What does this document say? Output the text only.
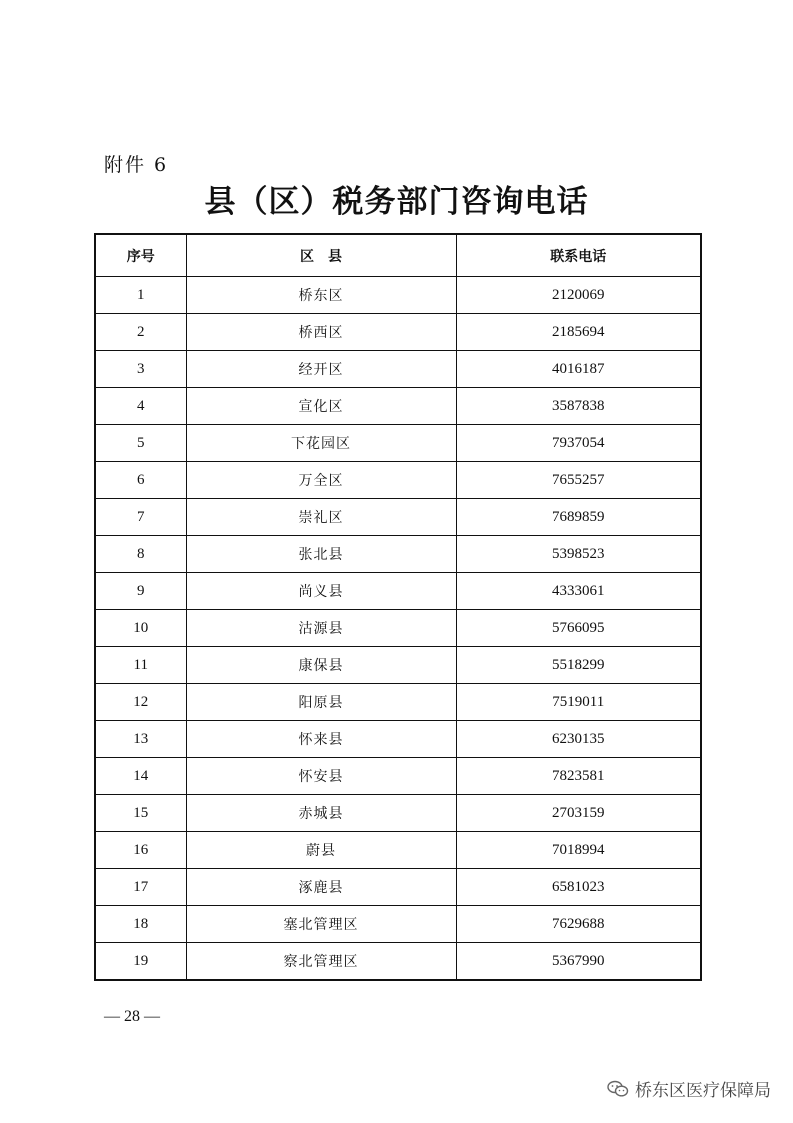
附件 6
县（区）税务部门咨询电话
序号	区　县	联系电话
1	桥东区	2120069
2	桥西区	2185694
3	经开区	4016187
4	宣化区	3587838
5	下花园区	7937054
6	万全区	7655257
7	崇礼区	7689859
8	张北县	5398523
9	尚义县	4333061
10	沽源县	5766095
11	康保县	5518299
12	阳原县	7519011
13	怀来县	6230135
14	怀安县	7823581
15	赤城县	2703159
16	蔚县	7018994
17	涿鹿县	6581023
18	塞北管理区	7629688
19	察北管理区	5367990
— 28 —
桥东区医疗保障局
